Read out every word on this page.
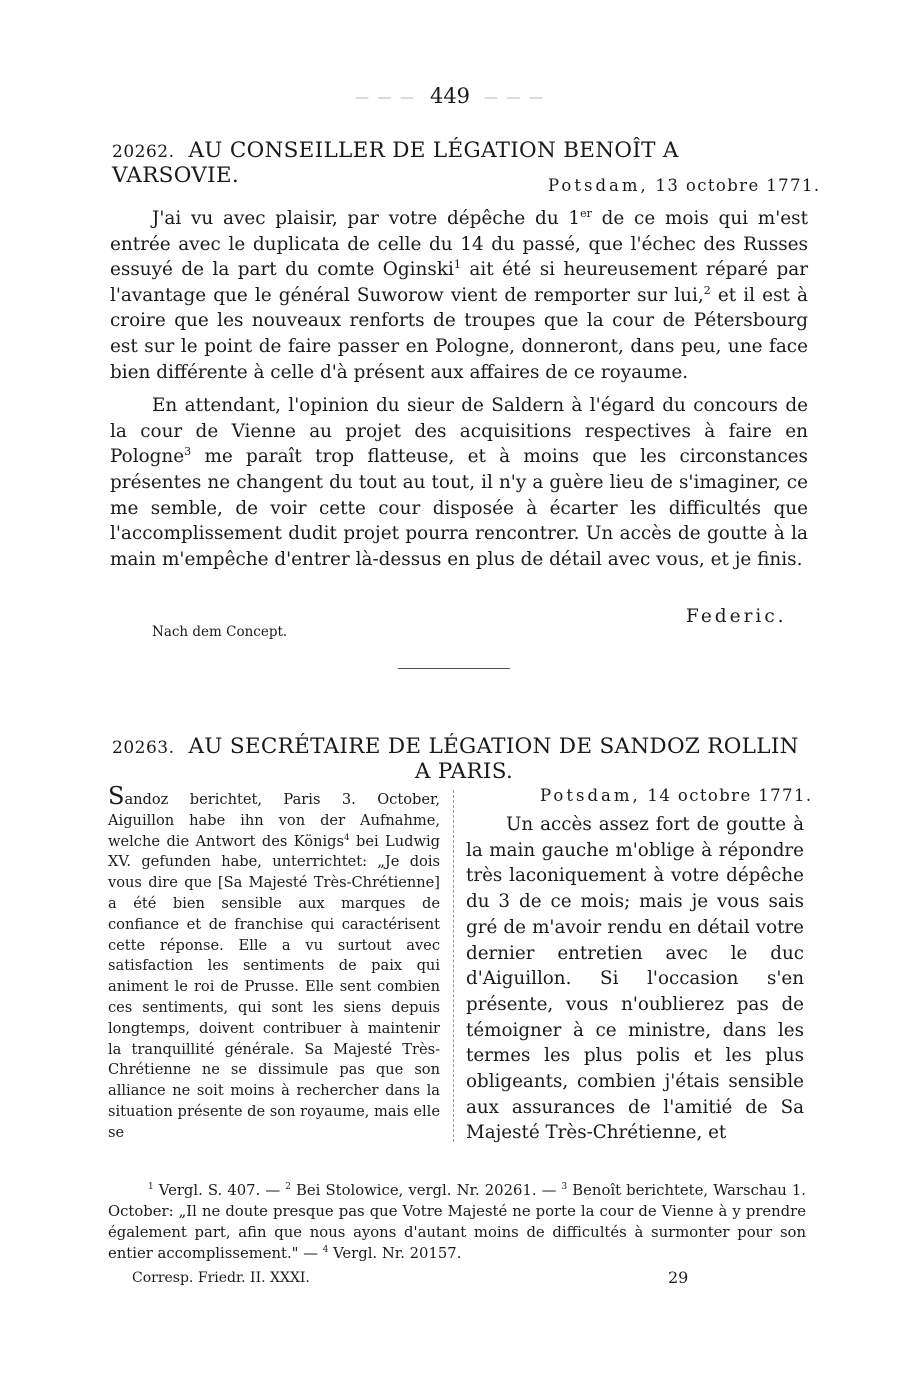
— — — 449 — — —
20262. AU CONSEILLER DE LÉGATION BENOÎT A VARSOVIE.	Potsdam, 13 octobre 1771.

J'ai vu avec plaisir, par votre dépêche du 1er de ce mois qui m'est entrée avec le duplicata de celle du 14 du passé, que l'échec des Russes essuyé de la part du comte Oginski$^1$ ait été si heureusement réparé par l'avantage que le général Suworow vient de remporter sur lui,$^2$ et il est à croire que les nouveaux renforts de troupes que la cour de Pétersbourg est sur le point de faire passer en Pologne, donneront, dans peu, une face bien différente à celle d'à présent aux affaires de ce royaume.

En attendant, l'opinion du sieur de Saldern à l'égard du concours de la cour de Vienne au projet des acquisitions respectives à faire en Pologne$^3$ me paraît trop flatteuse, et à moins que les circonstances présentes ne changent du tout au tout, il n'y a guère lieu de s'imaginer, ce me semble, de voir cette cour disposée à écarter les difficultés que l'accomplissement dudit projet pourra rencontrer. Un accès de goutte à la main m'empêche d'entrer là-dessus en plus de détail avec vous, et je finis.

Federic.
Nach dem Concept.
20263. AU SECRÉTAIRE DE LÉGATION DE SANDOZ ROLLIN
A PARIS.

Sandoz berichtet, Paris 3. October, Aiguillon habe ihn von der Aufnahme, welche die Antwort des Königs$^4$ bei Ludwig XV. gefunden habe, unterrichtet: „Je dois vous dire que [Sa Majesté Très-Chrétienne] a été bien sensible aux marques de confiance et de franchise qui caractérisent cette réponse. Elle a vu surtout avec satisfaction les sentiments de paix qui animent le roi de Prusse. Elle sent combien ces sentiments, qui sont les siens depuis longtemps, doivent contribuer à maintenir la tranquillité générale. Sa Majesté Très-Chrétienne ne se dissimule pas que son alliance ne soit moins à rechercher dans la situation présente de son royaume, mais elle se

Potsdam, 14 octobre 1771.

Un accès assez fort de goutte à la main gauche m'oblige à répondre très laconiquement à votre dépêche du 3 de ce mois; mais je vous sais gré de m'avoir rendu en détail votre dernier entretien avec le duc d'Aiguillon. Si l'occasion s'en présente, vous n'oublierez pas de témoigner à ce ministre, dans les termes les plus polis et les plus obligeants, combien j'étais sensible aux assurances de l'amitié de Sa Majesté Très-Chrétienne, et

$^1$ Vergl. S. 407. — $^2$ Bei Stolowice, vergl. Nr. 20261. — $^3$ Benoît berichtete, Warschau 1. October: „Il ne doute presque pas que Votre Majesté ne porte la cour de Vienne à y prendre également part, afin que nous ayons d'autant moins de difficultés à surmonter pour son entier accomplissement." — $^4$ Vergl. Nr. 20157.

Corresp. Friedr. II. XXXI.	29
